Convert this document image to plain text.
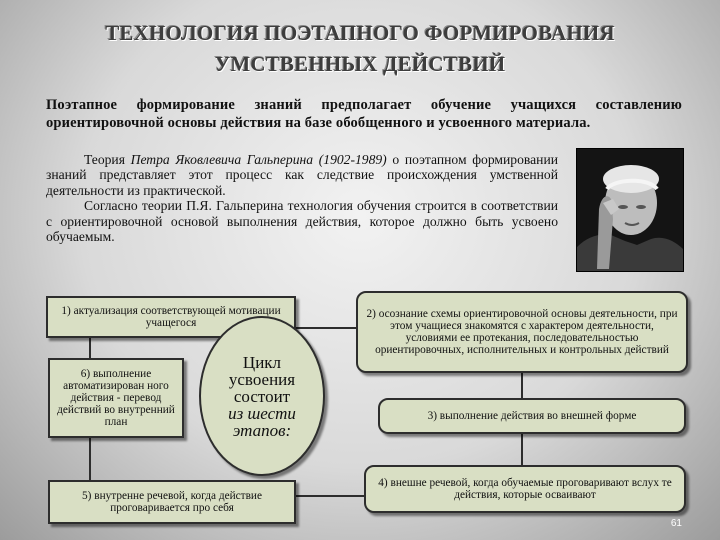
ТЕХНОЛОГИЯ ПОЭТАПНОГО ФОРМИРОВАНИЯ
УМСТВЕННЫХ ДЕЙСТВИЙ
Поэтапное формирование знаний предполагает обучение учащихся составлению ориентировочной основы действия на базе обобщенного и усвоенного материала.

Теория Петра Яковлевича Гальперина (1902-1989) о поэтапном формировании знаний представляет этот процесс как следствие происхождения умственной деятельности из практической.

Согласно теории П.Я. Гальперина технология обучения строится в соответствии с ориентировочной основой выполнения действия, которое должно быть усвоено обучаемым.

1) актуализация соответствующей мотивации учащегося
2) осознание схемы ориентировочной основы деятельности, при этом учащиеся знакомятся с характером деятельности, условиями ее протекания, последовательностью ориентировочных, исполнительных и контрольных действий
6) выполнение автоматизирован ного действия - перевод действий во внутренний план
Цикл
усвоения
состоит
из шести
этапов:
3) выполнение действия во внешней форме
4) внешне речевой, когда обучаемые проговаривают вслух те действия, которые осваивают
5) внутренне речевой, когда действие проговаривается про себя
61
